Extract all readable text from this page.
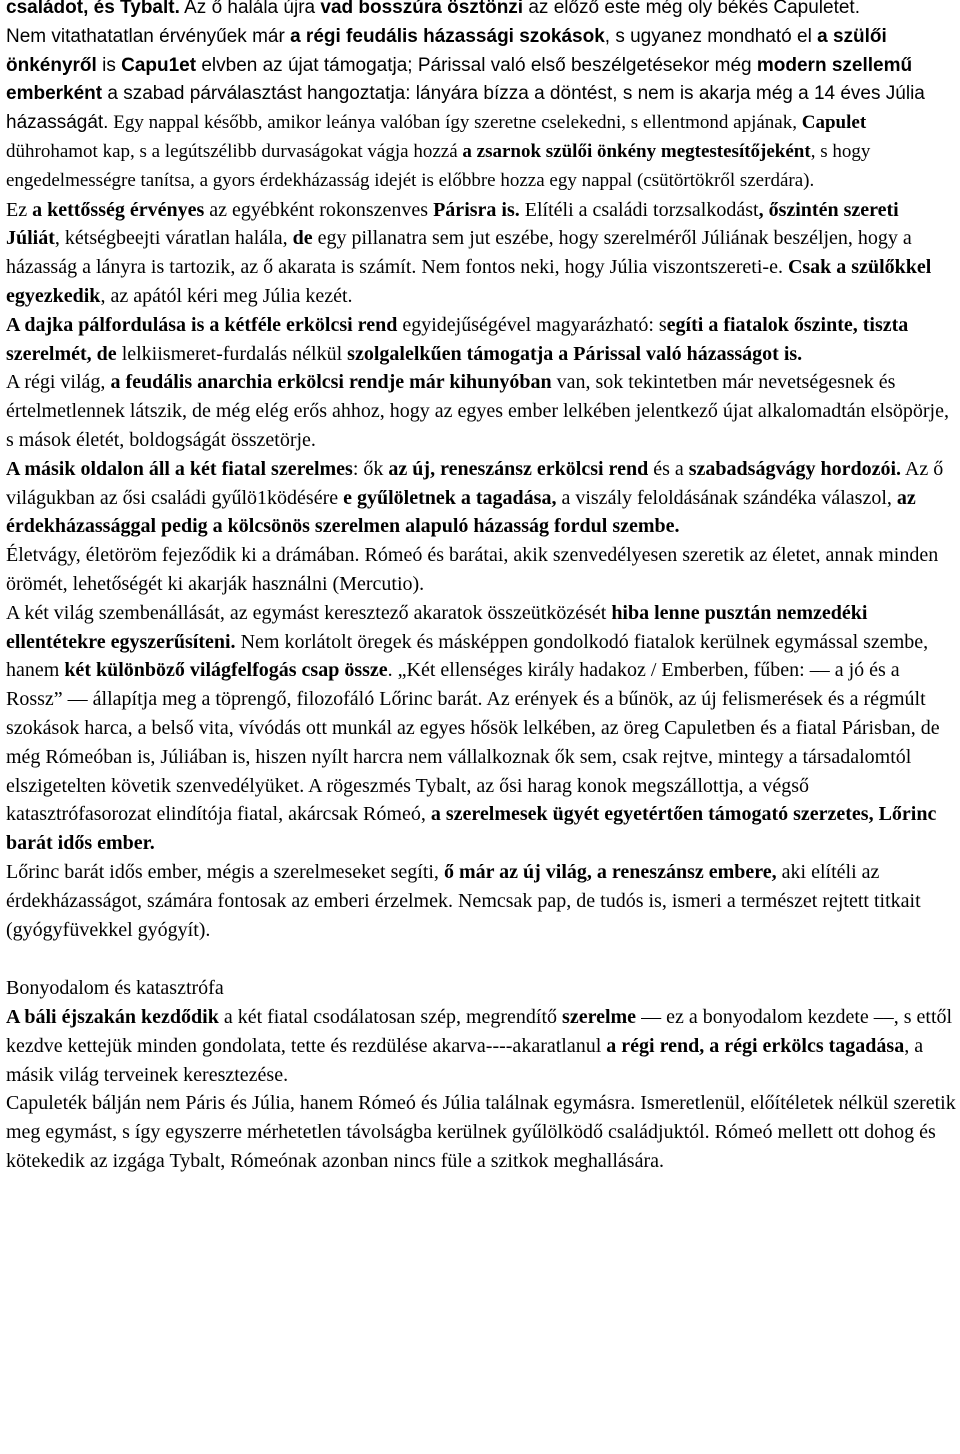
családot, és Tybalt. Az ő halála újra vad bosszúra ösztönzi az előző este még oly békés Capuletet.

Nem vitathatatlan érvényűek már a régi feudális házassági szokások, s ugyanez mondható el a szülői önkényről is Capu1et elvben az újat támogatja; Párissal való első beszélgetésekor még modern szellemű emberként a szabad párválasztást hangoztatja: lányára bízza a döntést, s nem is akarja még a 14 éves Júlia házasságát. Egy nappal később, amikor leánya valóban így szeretne cselekedni, s ellentmond apjának, Capulet dührohamot kap, s a legútszélibb durvaságokat vágja hozzá a zsarnok szülői önkény megtestesítőjeként, s hogy engedelmességre tanítsa, a gyors érdekházasság idejét is előbbre hozza egy nappal (csütörtökről szerdára).

Ez a kettősség érvényes az egyébként rokonszenves Párisra is. Elítéli a családi torzsalkodást, őszintén szereti Júliát, kétségbeejti váratlan halála, de egy pillanatra sem jut eszébe, hogy szerelméről Júliának beszéljen, hogy a házasság a lányra is tartozik, az ő akarata is számít. Nem fontos neki, hogy Júlia viszontszereti-e. Csak a szülőkkel egyezkedik, az apától kéri meg Júlia kezét.

A dajka pálfordulása is a kétféle erkölcsi rend egyidejűségével magyarázható: segíti a fiatalok őszinte, tiszta szerelmét, de lelkiismeret-furdalás nélkül szolgalelkűen támogatja a Párissal való házasságot is.

A régi világ, a feudális anarchia erkölcsi rendje már kihunyóban van, sok tekintetben már nevetségesnek és értelmetlennek látszik, de még elég erős ahhoz, hogy az egyes ember lelkében jelentkező újat alkalomadtán elsöpörje, s mások életét, boldogságát összetörje.

A másik oldalon áll a két fiatal szerelmes: ők az új, reneszánsz erkölcsi rend és a szabadságvágy hordozói. Az ő világukban az ősi családi gyűlö1ködésére e gyűlöletnek a tagadása, a viszály feloldásának szándéka válaszol, az érdekházassággal pedig a kölcsönös szerelmen alapuló házasság fordul szembe.

Életvágy, életöröm fejeződik ki a drámában. Rómeó és barátai, akik szenvedélyesen szeretik az életet, annak minden örömét, lehetőségét ki akarják használni (Mercutio).

A két világ szembenállását, az egymást keresztező akaratok összeütközését hiba lenne pusztán nemzedéki ellentétekre egyszerűsíteni. Nem korlátolt öregek és másképpen gondolkodó fiatalok kerülnek egymással szembe, hanem két különböző világfelfogás csap össze. „Két ellenséges király hadakoz / Emberben, fűben: –– a jó és a Rossz” –– állapítja meg a töprengő, filozofáló Lőrinc barát. Az erények és a bűnök, az új felismerések és a régmúlt szokások harca, a belső vita, vívódás ott munkál az egyes hősök lelkében, az öreg Capuletben és a fiatal Párisban, de még Rómeóban is, Júliában is, hiszen nyílt harcra nem vállalkoznak ők sem, csak rejtve, mintegy a társadalomtól elszigetelten követik szenvedélyüket. A rögeszmés Tybalt, az ősi harag konok megszállottja, a végső katasztrófasorozat elindítója fiatal, akárcsak Rómeó, a szerelmesek ügyét egyetértően támogató szerzetes, Lőrinc barát idős ember.

Lőrinc barát idős ember, mégis a szerelmeseket segíti, ő már az új világ, a reneszánsz embere, aki elítéli az érdekházasságot, számára fontosak az emberi érzelmek. Nemcsak pap, de tudós is, ismeri a természet rejtett titkait (gyógyfüvekkel gyógyít).

Bonyodalom és katasztrófa

A báli éjszakán kezdődik a két fiatal csodálatosan szép, megrendítő szerelme –– ez a bonyodalom kezdete ––, s ettől kezdve kettejük minden gondolata, tette és rezdülése akarva----akaratlanul a régi rend, a régi erkölcs tagadása, a másik világ terveinek keresztezése.

Capuleték bálján nem Páris és Júlia, hanem Rómeó és Júlia találnak egymásra. Ismeretlenül, előítéletek nélkül szeretik meg egymást, s így egyszerre mérhetetlen távolságba kerülnek gyűlölködő családjuktól. Rómeó mellett ott dohog és kötekedik az izgága Tybalt, Rómeónak azonban nincs füle a szitkok meghallására.
